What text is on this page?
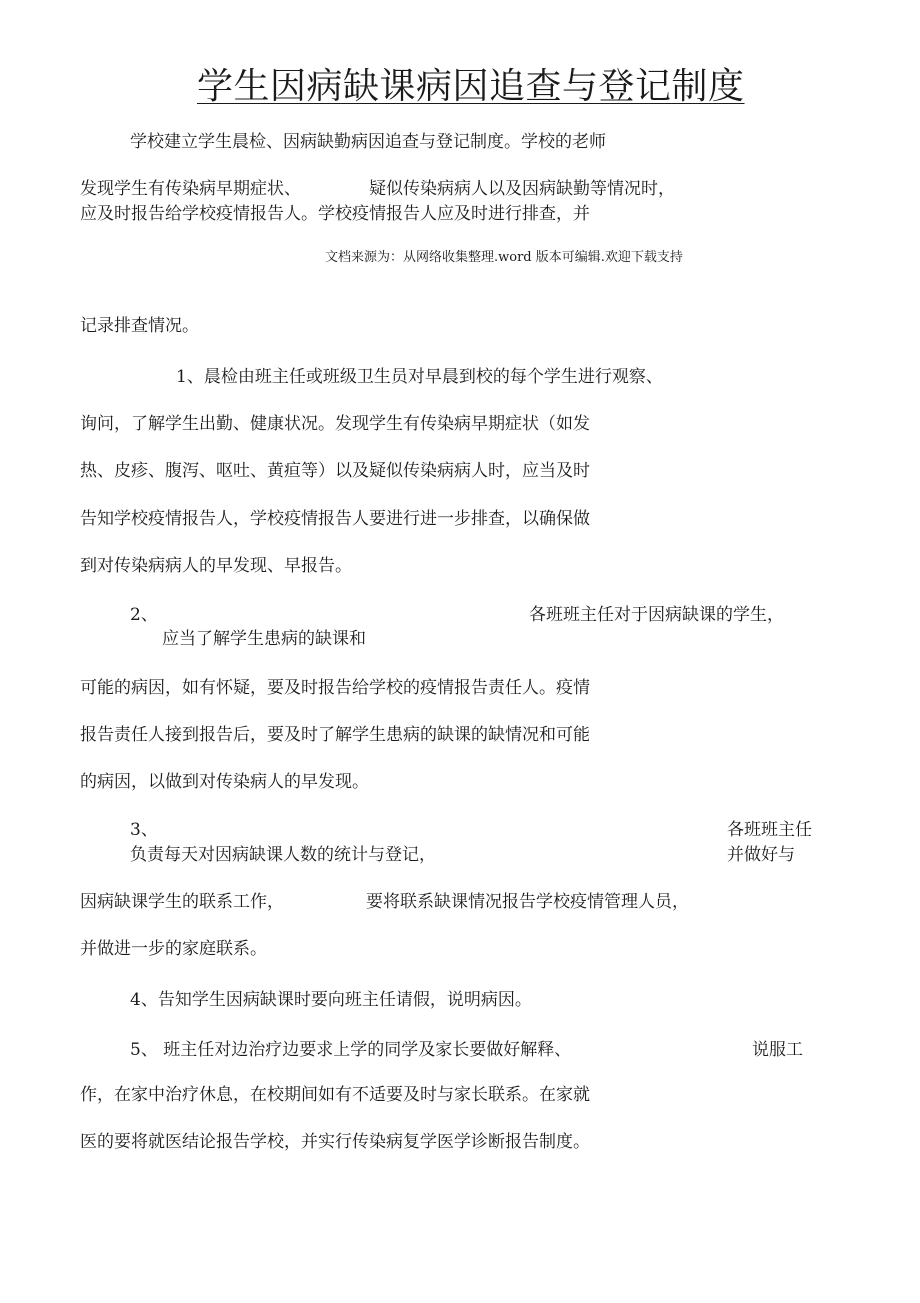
学生因病缺课病因追查与登记制度
学校建立学生晨检、因病缺勤病因追查与登记制度。学校的老师
发现学生有传染病早期症状、	疑似传染病病人以及因病缺勤等情况时，
应及时报告给学校疫情报告人。学校疫情报告人应及时进行排查，并
文档来源为：从网络收集整理.word 版本可编辑.欢迎下载支持
记录排查情况。
1、晨检由班主任或班级卫生员对早晨到校的每个学生进行观察、
询问，了解学生出勤、健康状况。发现学生有传染病早期症状（如发
热、皮疹、腹泻、呕吐、黄疸等）以及疑似传染病病人时，应当及时
告知学校疫情报告人，学校疫情报告人要进行进一步排查，以确保做
到对传染病病人的早发现、早报告。
2、	各班班主任对于因病缺课的学生，
应当了解学生患病的缺课和
可能的病因，如有怀疑，要及时报告给学校的疫情报告责任人。疫情
报告责任人接到报告后，要及时了解学生患病的缺课的缺情况和可能
的病因，以做到对传染病人的早发现。
3、	各班班主任
负责每天对因病缺课人数的统计与登记，	并做好与
因病缺课学生的联系工作，	要将联系缺课情况报告学校疫情管理人员，
并做进一步的家庭联系。
4、告知学生因病缺课时要向班主任请假，说明病因。
5、 班主任对边治疗边要求上学的同学及家长要做好解释、	说服工
作，在家中治疗休息，在校期间如有不适要及时与家长联系。在家就
医的要将就医结论报告学校，并实行传染病复学医学诊断报告制度。
